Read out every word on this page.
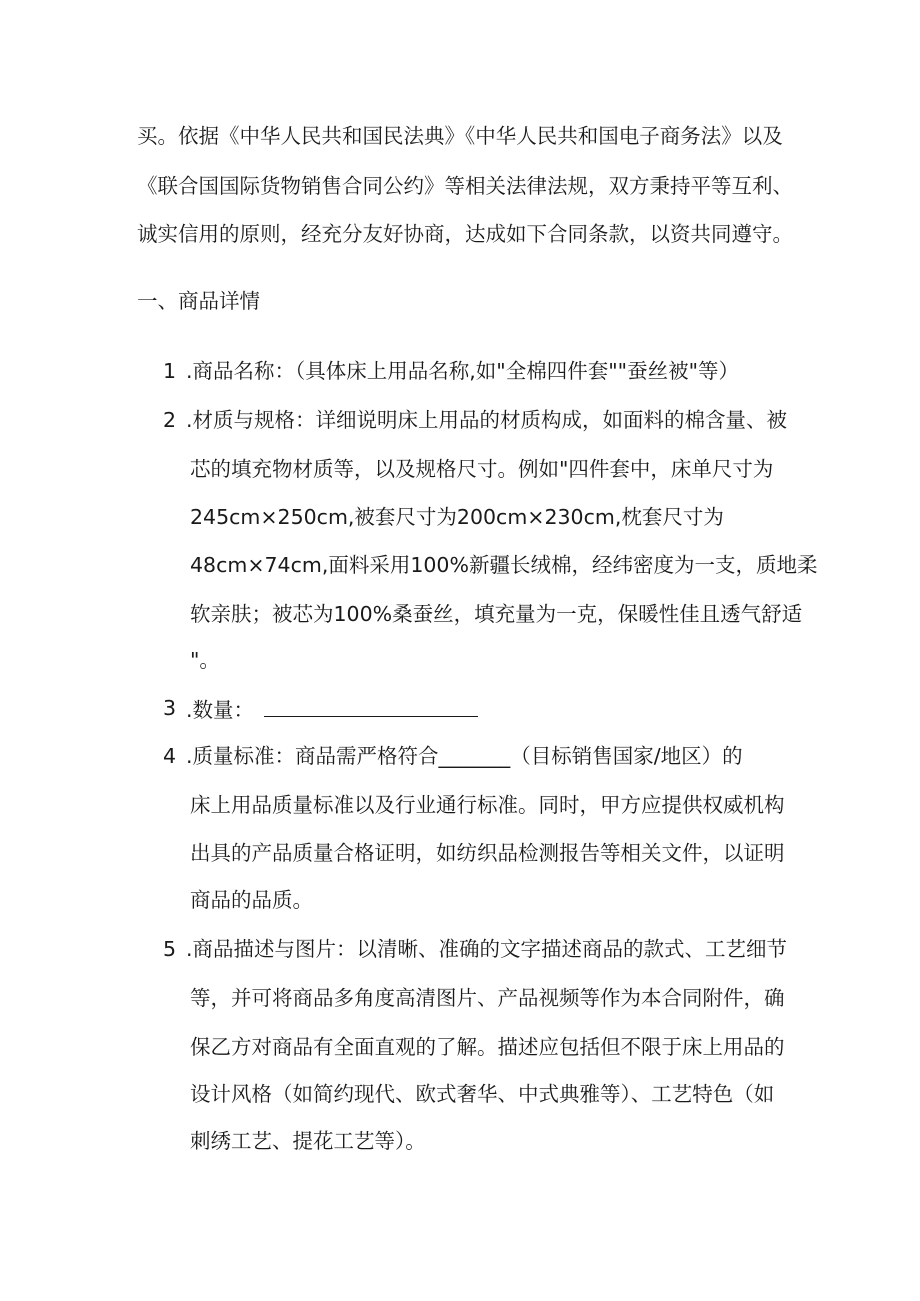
买。依据《中华人民共和国民法典》《中华人民共和国电子商务法》以及
《联合国国际货物销售合同公约》等相关法律法规，双方秉持平等互利、
诚实信用的原则，经充分友好协商，达成如下合同条款，以资共同遵守。
一、商品详情
1 .商品名称：（具体床上用品名称,如"全棉四件套""蚕丝被"等）
2 .材质与规格：详细说明床上用品的材质构成，如面料的棉含量、被
芯的填充物材质等，以及规格尺寸。例如"四件套中，床单尺寸为
245cm×250cm,被套尺寸为200cm×230cm,枕套尺寸为
48cm×74cm,面料采用100%新疆长绒棉，经纬密度为一支，质地柔
软亲肤；被芯为100%桑蚕丝，填充量为一克，保暖性佳且透气舒适
"。
3 .数量：
4 .质量标准：商品需严格符合_______（目标销售国家/地区）的
床上用品质量标准以及行业通行标准。同时，甲方应提供权威机构
出具的产品质量合格证明，如纺织品检测报告等相关文件，以证明
商品的品质。
5 .商品描述与图片：以清晰、准确的文字描述商品的款式、工艺细节
等，并可将商品多角度高清图片、产品视频等作为本合同附件，确
保乙方对商品有全面直观的了解。描述应包括但不限于床上用品的
设计风格（如简约现代、欧式奢华、中式典雅等）、工艺特色（如
刺绣工艺、提花工艺等）。
